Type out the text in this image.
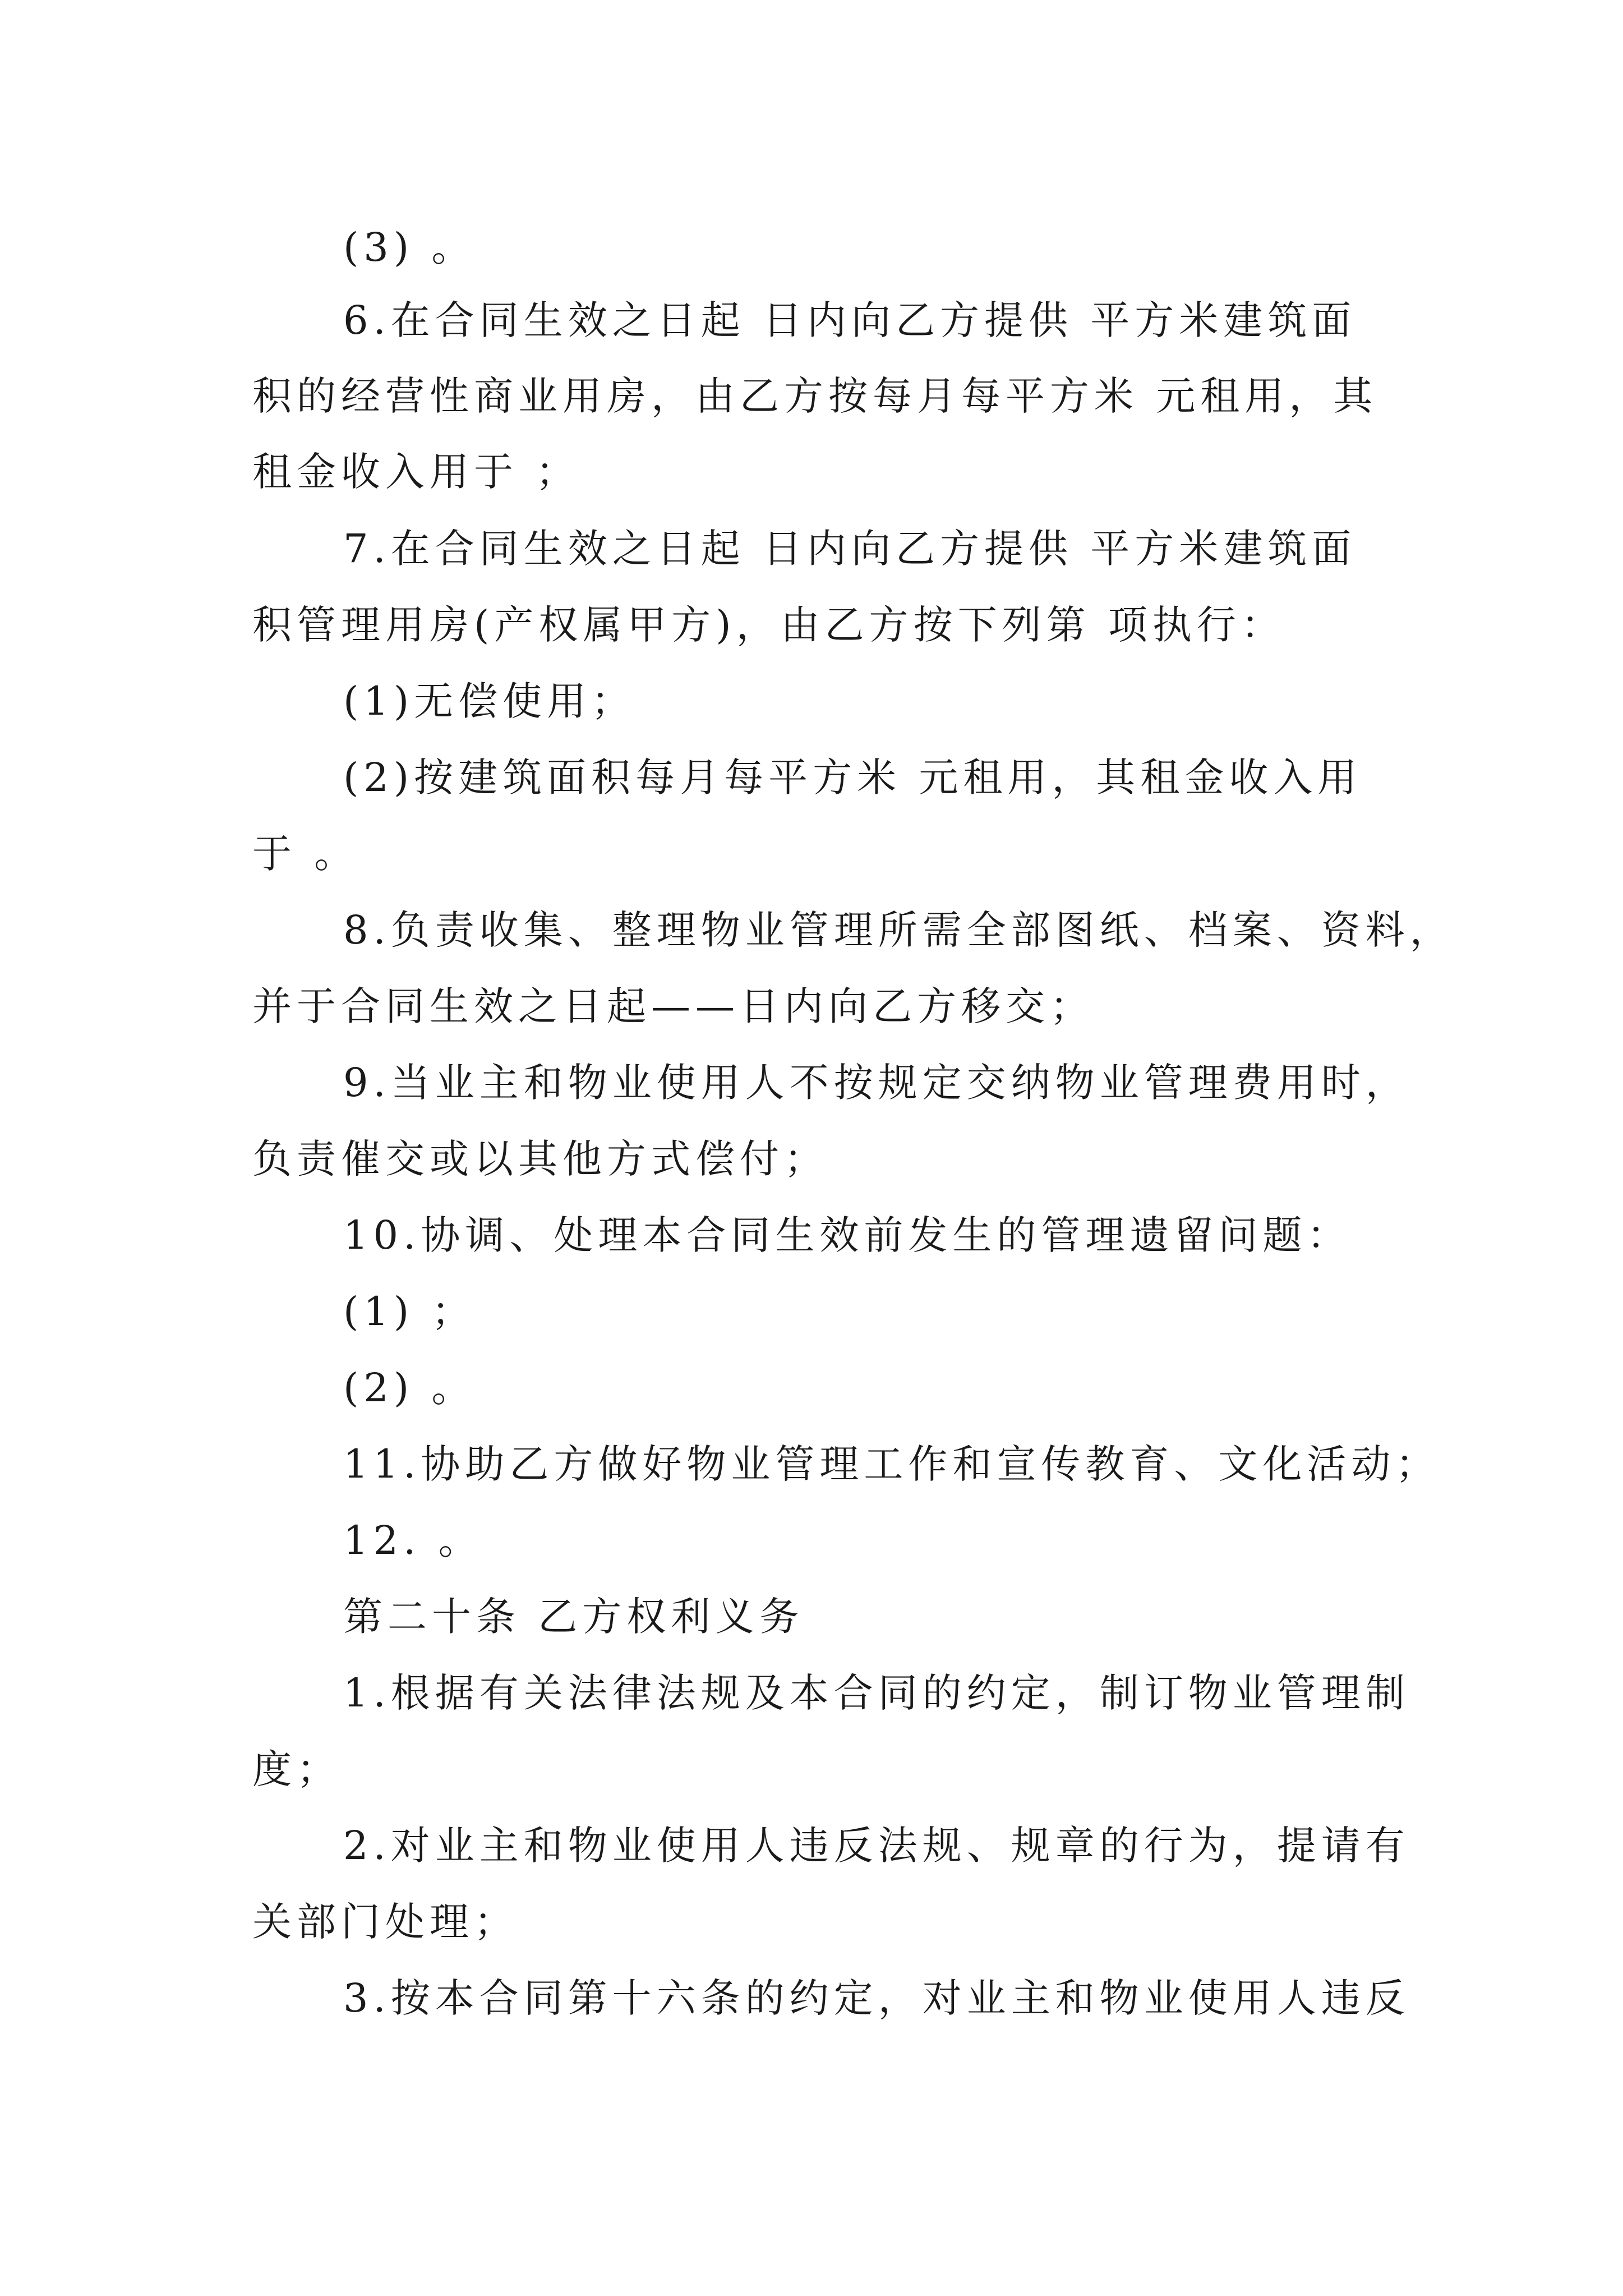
(3) 。
6.在合同生效之日起 日内向乙方提供 平方米建筑面
积的经营性商业用房，由乙方按每月每平方米 元租用，其
租金收入用于 ；
7.在合同生效之日起 日内向乙方提供 平方米建筑面
积管理用房(产权属甲方)，由乙方按下列第 项执行：
(1)无偿使用；
(2)按建筑面积每月每平方米 元租用，其租金收入用
于 。
8.负责收集、整理物业管理所需全部图纸、档案、资料，
并于合同生效之日起——日内向乙方移交；
9.当业主和物业使用人不按规定交纳物业管理费用时，
负责催交或以其他方式偿付；
10.协调、处理本合同生效前发生的管理遗留问题：
(1) ；
(2) 。
11.协助乙方做好物业管理工作和宣传教育、文化活动；
12. 。
第二十条 乙方权利义务
1.根据有关法律法规及本合同的约定，制订物业管理制
度；
2.对业主和物业使用人违反法规、规章的行为，提请有
关部门处理；
3.按本合同第十六条的约定，对业主和物业使用人违反
